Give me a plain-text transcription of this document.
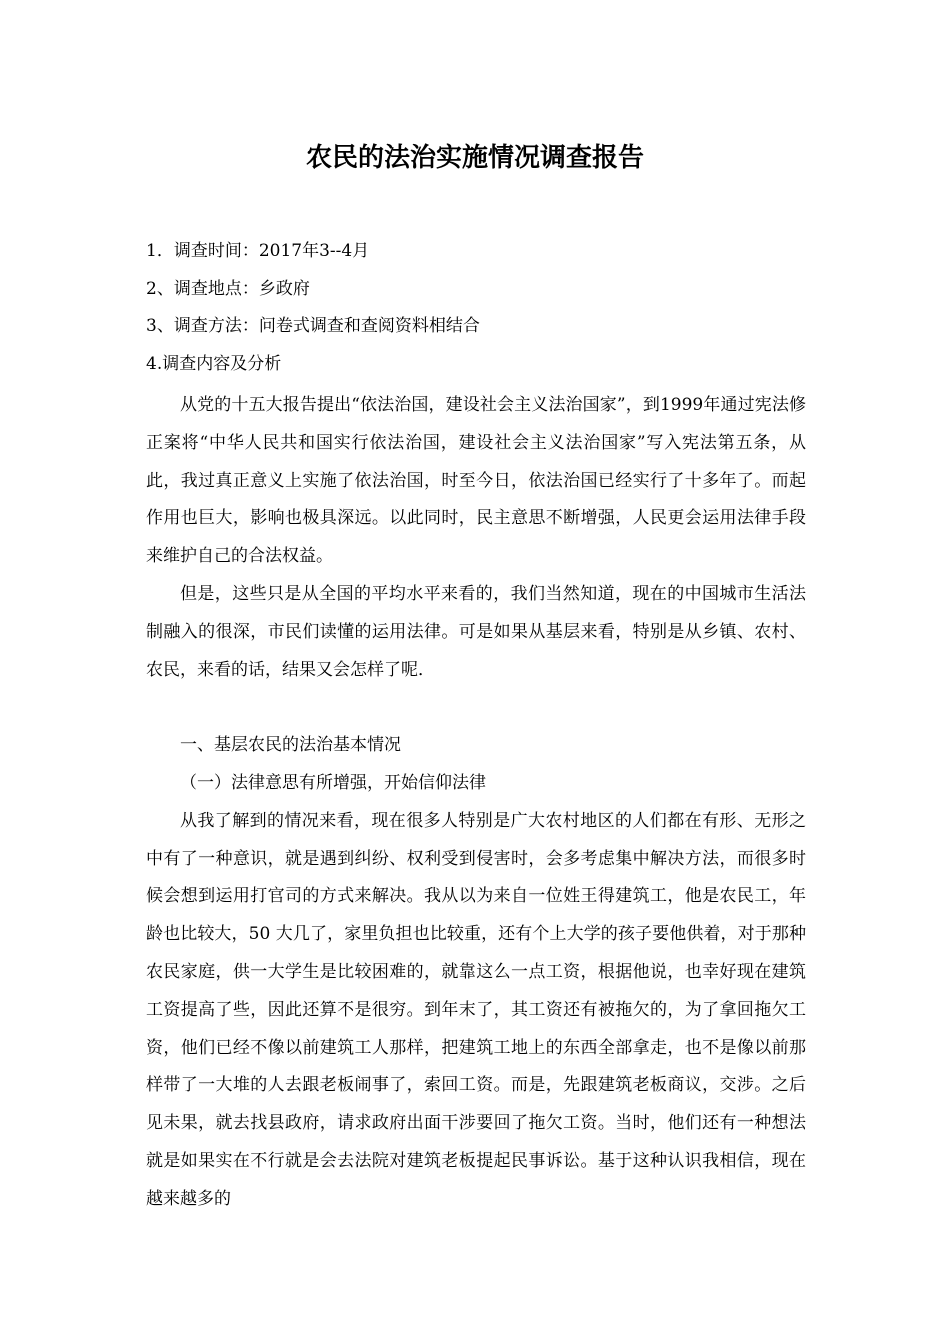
农民的法治实施情况调查报告
1．调查时间：2017年3--4月
2、调查地点：乡政府
3、调查方法：问卷式调查和查阅资料相结合
4.调查内容及分析

从党的十五大报告提出“依法治国，建设社会主义法治国家”，到1999年通过宪法修正案将“中华人民共和国实行依法治国，建设社会主义法治国家”写入宪法第五条，从此，我过真正意义上实施了依法治国，时至今日，依法治国已经实行了十多年了。而起作用也巨大，影响也极具深远。以此同时，民主意思不断增强，人民更会运用法律手段来维护自己的合法权益。

但是，这些只是从全国的平均水平来看的，我们当然知道，现在的中国城市生活法制融入的很深，市民们读懂的运用法律。可是如果从基层来看，特别是从乡镇、农村、农民，来看的话，结果又会怎样了呢．

一、基层农民的法治基本情况

（一）法律意思有所增强，开始信仰法律

从我了解到的情况来看，现在很多人特别是广大农村地区的人们都在有形、无形之中有了一种意识，就是遇到纠纷、权利受到侵害时，会多考虑集中解决方法，而很多时候会想到运用打官司的方式来解决。我从以为来自一位姓王得建筑工，他是农民工，年龄也比较大，50 大几了，家里负担也比较重，还有个上大学的孩子要他供着，对于那种农民家庭，供一大学生是比较困难的，就靠这么一点工资，根据他说，也幸好现在建筑工资提高了些，因此还算不是很穷。到年末了，其工资还有被拖欠的，为了拿回拖欠工资，他们已经不像以前建筑工人那样，把建筑工地上的东西全部拿走，也不是像以前那样带了一大堆的人去跟老板闹事了，索回工资。而是，先跟建筑老板商议，交涉。之后见未果，就去找县政府，请求政府出面干涉要回了拖欠工资。当时，他们还有一种想法就是如果实在不行就是会去法院对建筑老板提起民事诉讼。基于这种认识我相信，现在越来越多的
